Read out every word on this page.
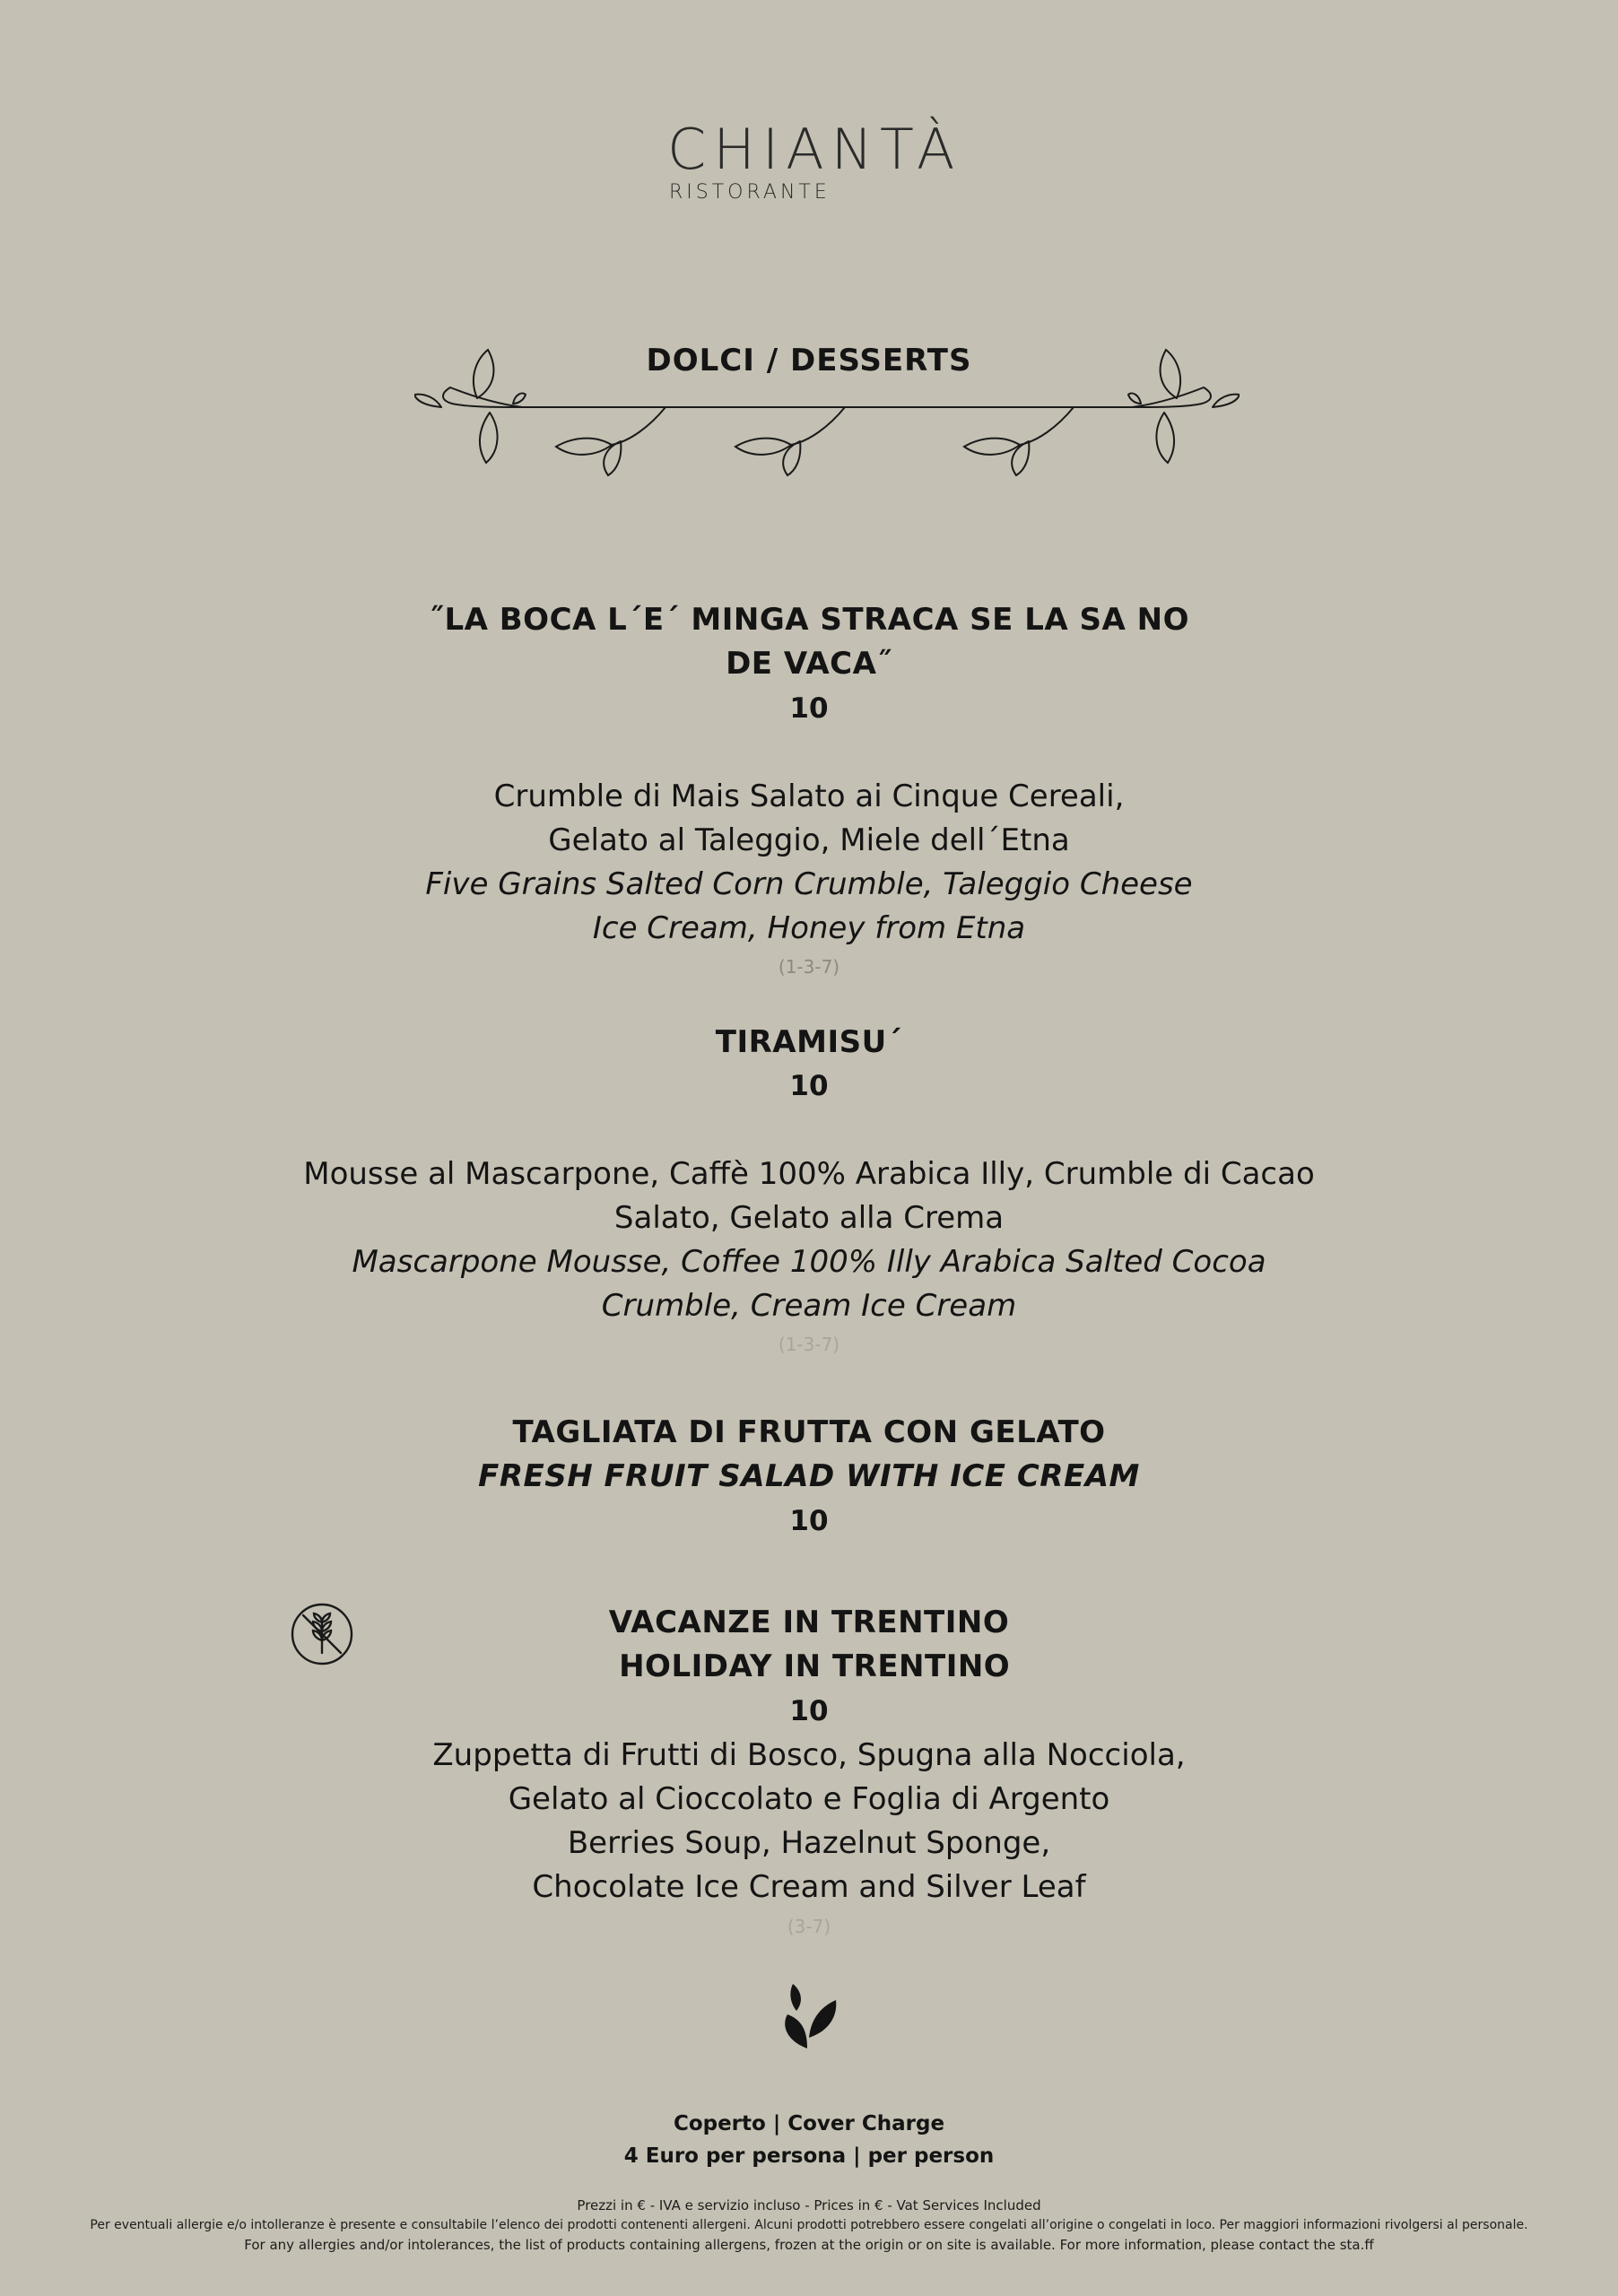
CHIANTÀ
RISTORANTE
DOLCI / DESSERTS
˝LA BOCA L´E´ MINGA STRACA SE LA SA NO
DE VACA˝
10
Crumble di Mais Salato ai Cinque Cereali,
Gelato al Taleggio, Miele dell´Etna
Five Grains Salted Corn Crumble, Taleggio Cheese
Ice Cream, Honey from Etna
(1-3-7)
TIRAMISU´
10
Mousse al Mascarpone, Caffè 100% Arabica Illy, Crumble di Cacao
Salato, Gelato alla Crema
Mascarpone Mousse, Coffee 100% Illy Arabica Salted Cocoa
Crumble, Cream Ice Cream
(1-3-7)
TAGLIATA DI FRUTTA CON GELATO
FRESH FRUIT SALAD WITH ICE CREAM
10
VACANZE IN TRENTINO
HOLIDAY IN TRENTINO
10
Zuppetta di Frutti di Bosco, Spugna alla Nocciola,
Gelato al Cioccolato e Foglia di Argento
Berries Soup, Hazelnut Sponge,
Chocolate Ice Cream and Silver Leaf
(3-7)
Coperto | Cover Charge
4 Euro per persona | per person
Prezzi in € - IVA e servizio incluso - Prices in € - Vat Services Included
Per eventuali allergie e/o intolleranze è presente e consultabile l’elenco dei prodotti contenenti allergeni. Alcuni prodotti potrebbero essere congelati all’origine o congelati in loco. Per maggiori informazioni rivolgersi al personale.
For any allergies and/or intolerances, the list of products containing allergens, frozen at the origin or on site is available. For more information, please contact the sta.ff
